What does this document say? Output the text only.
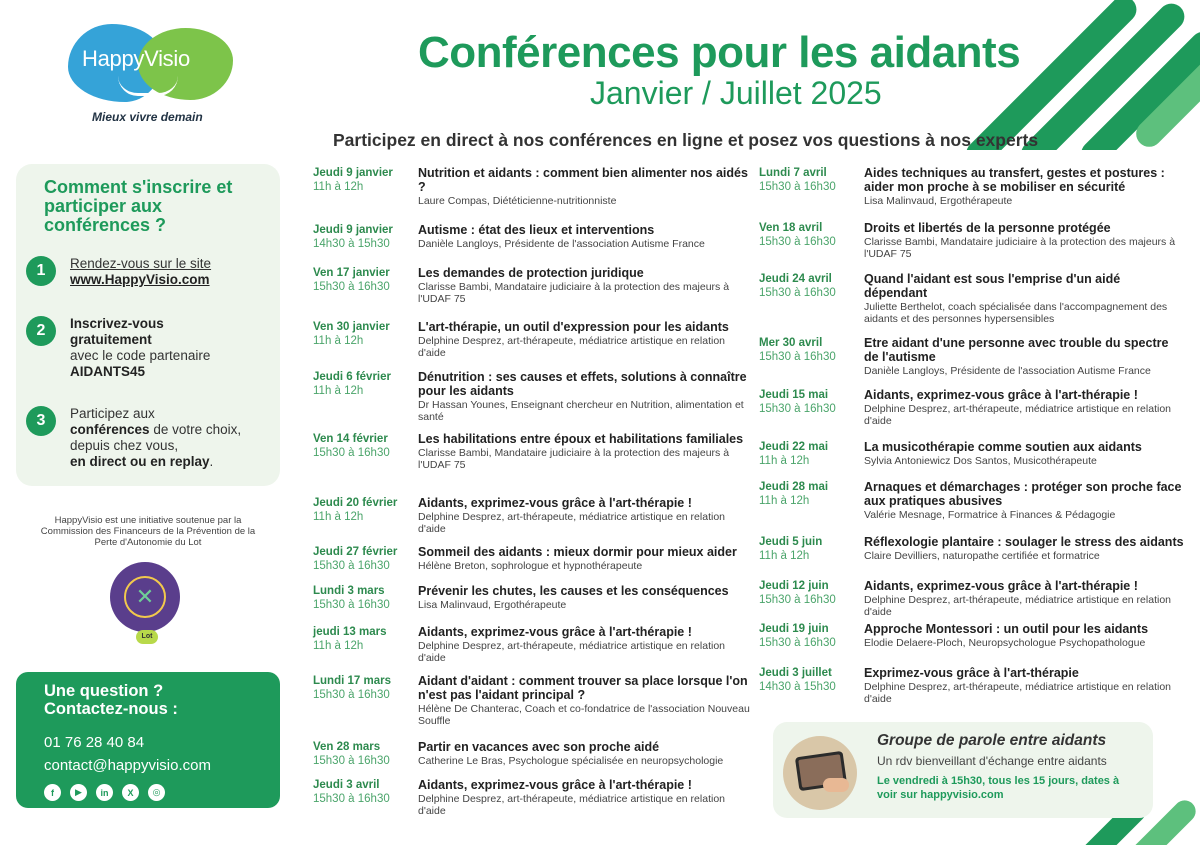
HappyVisio
Mieux vivre demain
Conférences pour les aidants
Janvier / Juillet 2025
Participez en direct à nos conférences en ligne et posez vos questions à nos experts
Comment s'inscrire et participer aux conférences ?
1	Rendez-vous sur le site
www.HappyVisio.com
2	Inscrivez-vous gratuitement
avec le code partenaire
AIDANTS45
3	Participez aux
conférences de votre choix, depuis chez vous,
en direct ou en replay.
HappyVisio est une initiative soutenue par la Commission des Financeurs de la Prévention de la Perte d'Autonomie du Lot
✕
Lot
Une question ?
Contactez-nous :
01 76 28 40 84
contact@happyvisio.com
f	▶	in	X	◎
Jeudi 9 janvier
11h à 12h
Nutrition et aidants : comment bien alimenter nos aidés ?
Laure Compas, Diététicienne-nutritionniste
Jeudi 9 janvier
14h30 à 15h30
Autisme : état des lieux et interventions
Danièle Langloys, Présidente de l'association Autisme France
Ven 17 janvier
15h30 à 16h30
Les demandes de protection juridique
Clarisse Bambi, Mandataire judiciaire à la protection des majeurs à l'UDAF 75
Ven 30 janvier
11h à 12h
L'art-thérapie, un outil d'expression pour les aidants
Delphine Desprez, art-thérapeute, médiatrice artistique en relation d'aide
Jeudi 6 février
11h à 12h
Dénutrition : ses causes et effets, solutions à connaître pour les aidants
Dr Hassan Younes, Enseignant chercheur en Nutrition, alimentation et santé
Ven 14 février
15h30 à 16h30
Les habilitations entre époux et habilitations familiales
Clarisse Bambi, Mandataire judiciaire à la protection des majeurs à l'UDAF 75
Jeudi 20 février
11h à 12h
Aidants, exprimez-vous grâce à l'art-thérapie !
Delphine Desprez, art-thérapeute, médiatrice artistique en relation d'aide
Jeudi 27 février
15h30 à 16h30
Sommeil des aidants : mieux dormir pour mieux aider
Hélène Breton, sophrologue et hypnothérapeute
Lundi 3 mars
15h30 à 16h30
Prévenir les chutes, les causes et les conséquences
Lisa Malinvaud, Ergothérapeute
jeudi 13 mars
11h à 12h
Aidants, exprimez-vous grâce à l'art-thérapie !
Delphine Desprez, art-thérapeute, médiatrice artistique en relation d'aide
Lundi 17 mars
15h30 à 16h30
Aidant d'aidant : comment trouver sa place lorsque l'on n'est pas l'aidant principal ?
Hélène De Chanterac, Coach et co-fondatrice de l'association Nouveau Souffle
Ven 28 mars
15h30 à 16h30
Partir en vacances avec son proche aidé
Catherine Le Bras, Psychologue spécialisée en neuropsychologie
Jeudi 3 avril
15h30 à 16h30
Aidants, exprimez-vous grâce à l'art-thérapie !
Delphine Desprez, art-thérapeute, médiatrice artistique en relation d'aide
Lundi 7 avril
15h30 à 16h30
Aides techniques au transfert, gestes et postures : aider mon proche à se mobiliser en sécurité
Lisa Malinvaud, Ergothérapeute
Ven 18 avril
15h30 à 16h30
Droits et libertés de la personne protégée
Clarisse Bambi, Mandataire judiciaire à la protection des majeurs à l'UDAF 75
Jeudi 24 avril
15h30 à 16h30
Quand l'aidant est sous l'emprise d'un aidé dépendant
Juliette Berthelot, coach spécialisée dans l'accompagnement des aidants et des personnes hypersensibles
Mer 30 avril
15h30 à 16h30
Etre aidant d'une personne avec trouble du spectre de l'autisme
Danièle Langloys, Présidente de l'association Autisme France
Jeudi 15 mai
15h30 à 16h30
Aidants, exprimez-vous grâce à l'art-thérapie !
Delphine Desprez, art-thérapeute, médiatrice artistique en relation d'aide
Jeudi 22 mai
11h à 12h
La musicothérapie comme soutien aux aidants
Sylvia Antoniewicz Dos Santos, Musicothérapeute
Jeudi 28 mai
11h à 12h
Arnaques et démarchages : protéger son proche face aux pratiques abusives
Valérie Mesnage, Formatrice à Finances & Pédagogie
Jeudi 5 juin
11h à 12h
Réflexologie plantaire : soulager le stress des aidants
Claire Devilliers, naturopathe certifiée et formatrice
Jeudi 12 juin
15h30 à 16h30
Aidants, exprimez-vous grâce à l'art-thérapie !
Delphine Desprez, art-thérapeute, médiatrice artistique en relation d'aide
Jeudi 19 juin
15h30 à 16h30
Approche Montessori : un outil pour les aidants
Elodie Delaere-Ploch, Neuropsychologue Psychopathologue
Jeudi 3 juillet
14h30 à 15h30
Exprimez-vous grâce à l'art-thérapie
Delphine Desprez, art-thérapeute, médiatrice artistique en relation d'aide
Groupe de parole entre aidants
Un rdv bienveillant d'échange entre aidants
Le vendredi à 15h30, tous les 15 jours, dates à voir sur happyvisio.com
